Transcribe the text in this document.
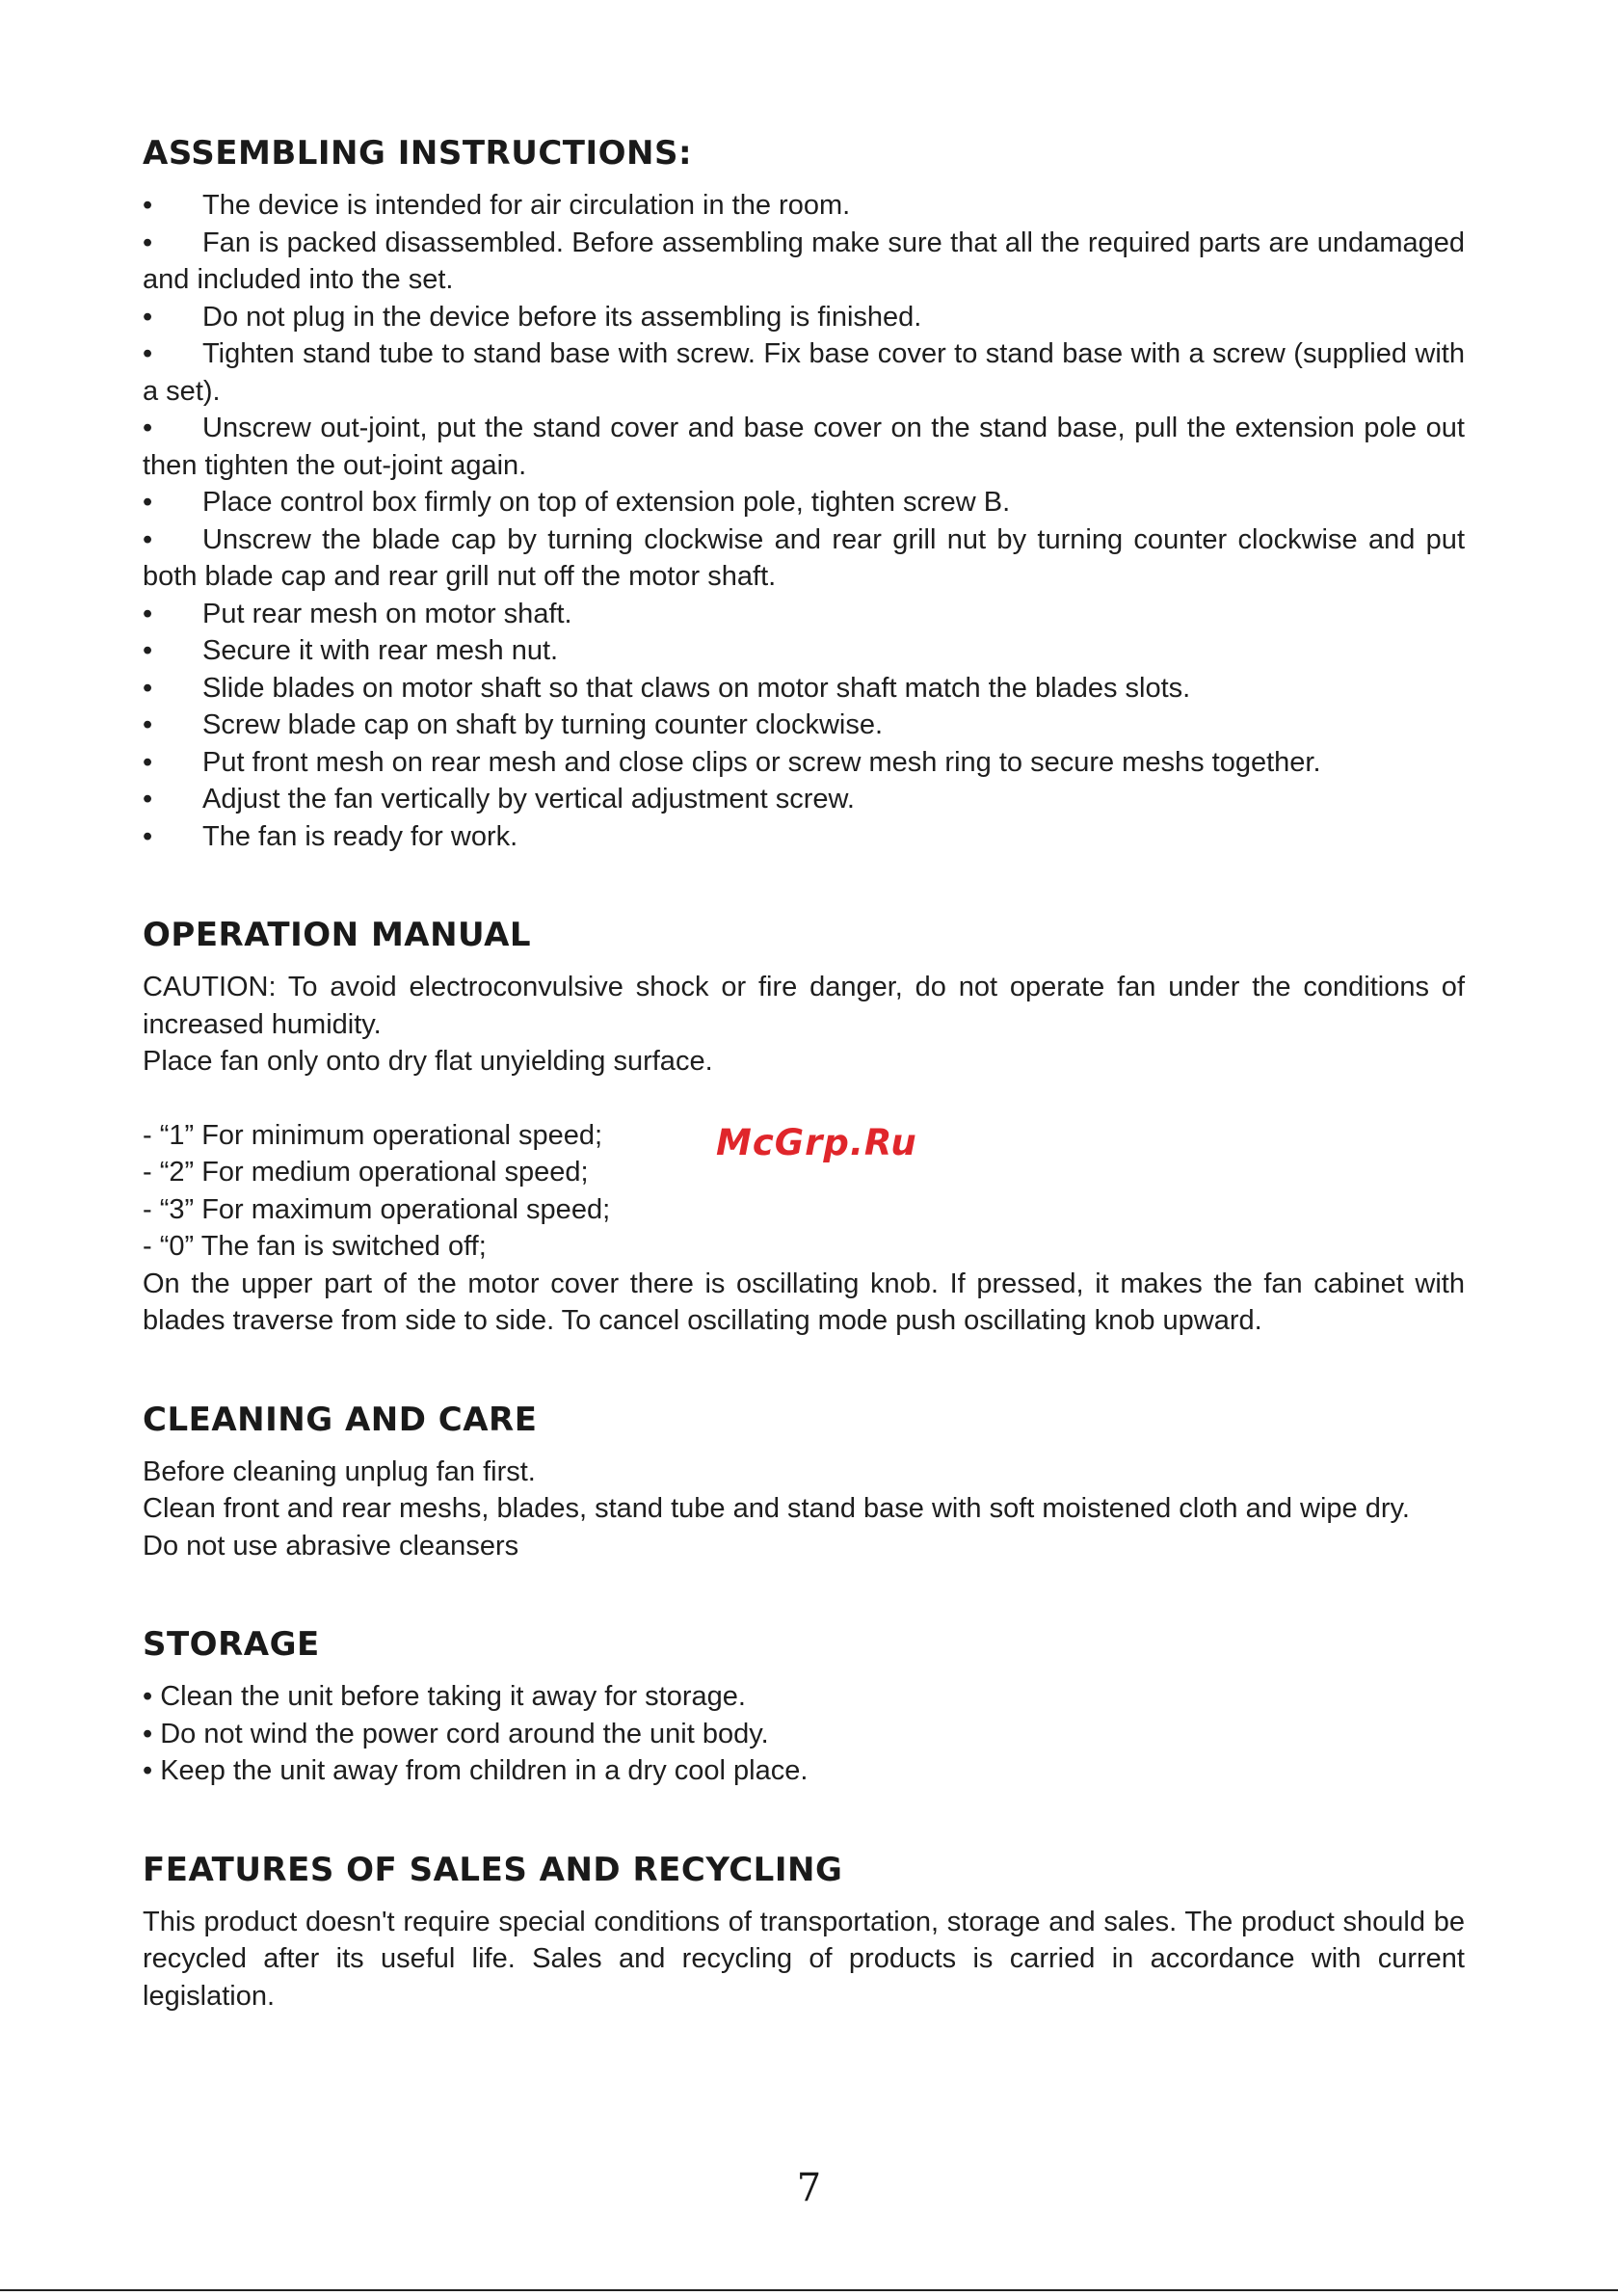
ASSEMBLING INSTRUCTIONS:
• The device is intended for air circulation in the room.
• Fan is packed disassembled. Before assembling make sure that all the required parts are undamaged and included into the set.
• Do not plug in the device before its assembling is finished.
• Tighten stand tube to stand base with screw. Fix base cover to stand base with a screw (supplied with a set).
• Unscrew out-joint, put the stand cover and base cover on the stand base, pull the extension pole out then tighten the out-joint again.
• Place control box firmly on top of extension pole, tighten screw B.
• Unscrew the blade cap by turning clockwise and rear grill nut by turning counter clockwise and put both blade cap and rear grill nut off the motor shaft.
• Put rear mesh on motor shaft.
• Secure it with rear mesh nut.
• Slide blades on motor shaft so that claws on motor shaft match the blades slots.
• Screw blade cap on shaft by turning counter clockwise.
• Put front mesh on rear mesh and close clips or screw mesh ring to secure meshs together.
• Adjust the fan vertically by vertical adjustment screw.
• The fan is ready for work.
OPERATION MANUAL

CAUTION: To avoid electroconvulsive shock or fire danger, do not operate fan under the conditions of increased humidity.

Place fan only onto dry flat unyielding surface.

- “1” For minimum operational speed;
- “2” For medium operational speed;
- “3” For maximum operational speed;
- “0” The fan is switched off;

On the upper part of the motor cover there is oscillating knob. If pressed, it makes the fan cabinet with blades traverse from side to side. To cancel oscillating mode push oscillating knob upward.

CLEANING AND CARE

Before cleaning unplug fan first.

Clean front and rear meshs, blades, stand tube and stand base with soft moistened cloth and wipe dry.

Do not use abrasive cleansers

STORAGE
• Clean the unit before taking it away for storage.
• Do not wind the power cord around the unit body.
• Keep the unit away from children in a dry cool place.
FEATURES OF SALES AND RECYCLING

This product doesn't require special conditions of transportation, storage and sales. The product should be recycled after its useful life. Sales and recycling of products is carried in accordance with current legislation.

McGrp.Ru
7
